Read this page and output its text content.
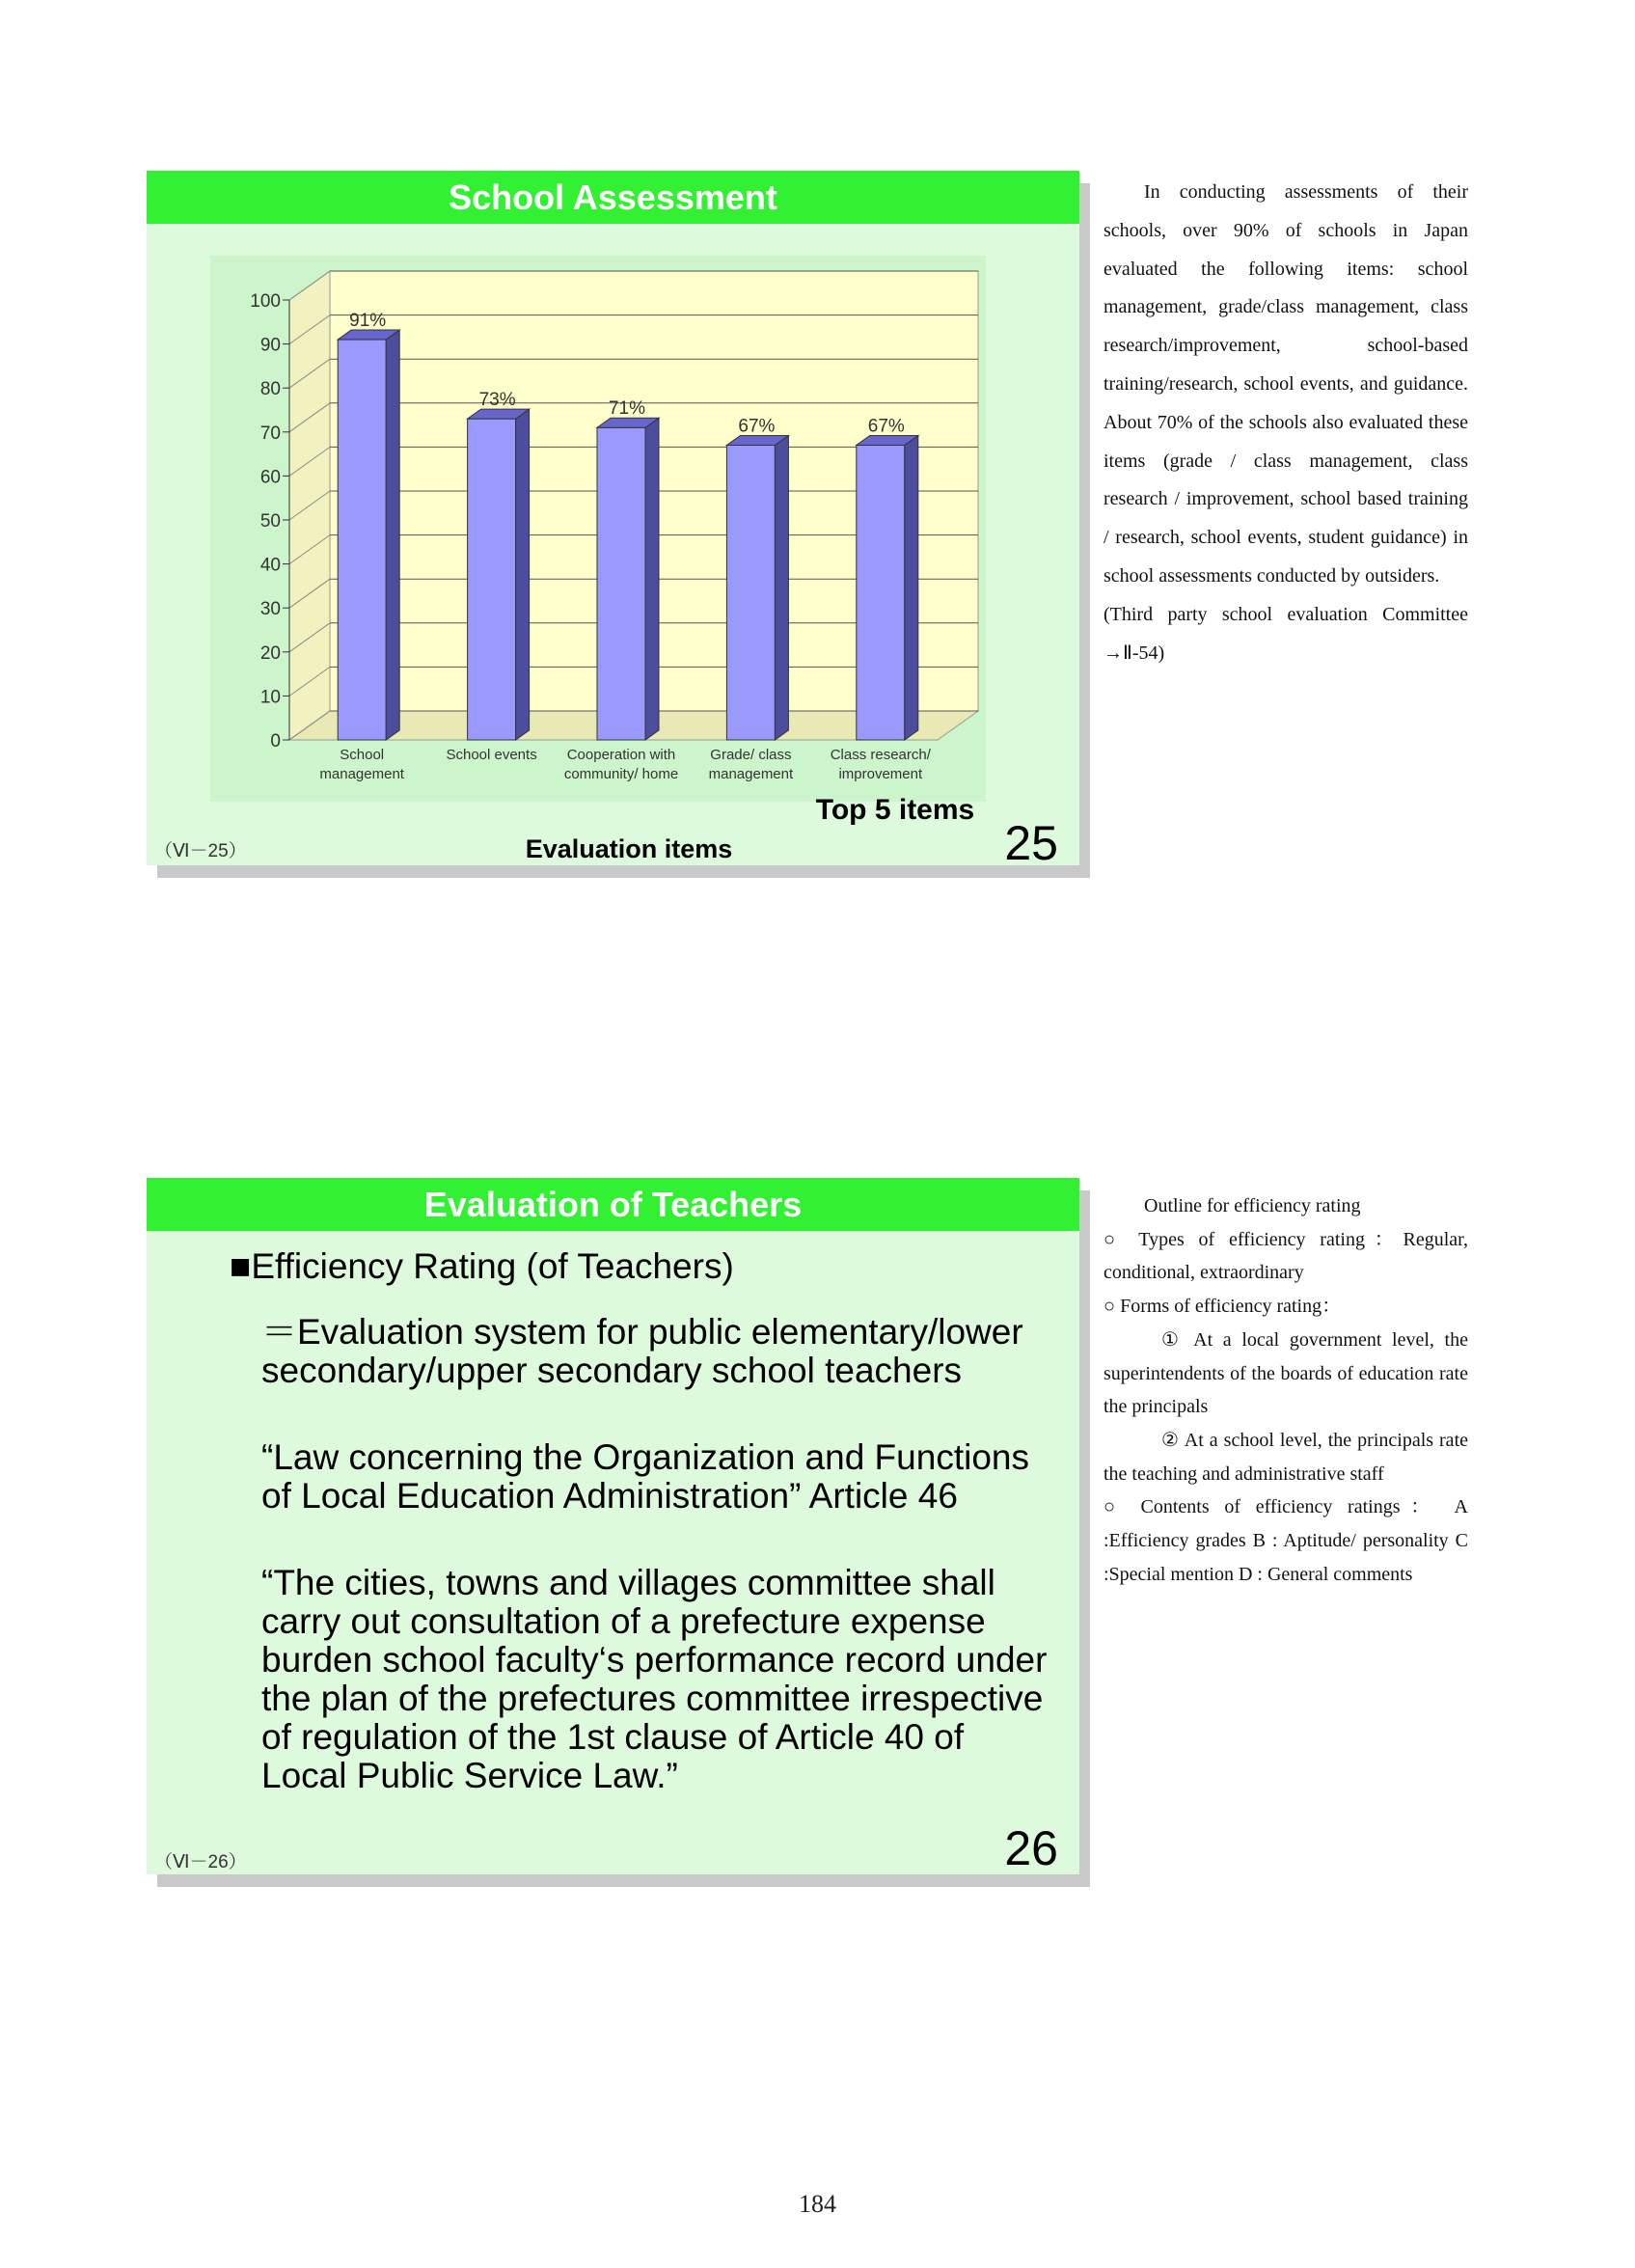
School Assessment
0
10
20
30
40
50
60
70
80
90
100
91%
School
management
73%
School events
71%
Cooperation with
community/ home
67%
Grade/ class
management
67%
Class research/
improvement
Top 5 items
Evaluation items
（Ⅵ－25）	25

In conducting assessments of their schools, over 90% of schools in Japan evaluated the following items: school management, grade/class management, class research/improvement, school-based training/research, school events, and guidance. About 70% of the schools also evaluated these items (grade / class management, class research / improvement, school based training / research, school events, student guidance) in school assessments conducted by outsiders.

(Third party school evaluation Committee →Ⅱ-54)

Evaluation of Teachers
■Efficiency Rating (of Teachers)
＝Evaluation system for public elementary/lower secondary/upper secondary school teachers
“Law concerning the Organization and Functions of Local Education Administration” Article 46
“The cities, towns and villages committee shall carry out consultation of a prefecture expense burden school faculty‘s performance record under the plan of the prefectures committee irrespective of regulation of the 1st clause of Article 40 of Local Public Service Law.”
（Ⅵ－26）	26

Outline for efficiency rating

○ Types of efficiency rating：Regular, conditional, extraordinary

○ Forms of efficiency rating：

① At a local government level, the superintendents of the boards of education rate the principals

② At a school level, the principals rate the teaching and administrative staff

○ Contents of efficiency ratings： A :Efficiency grades B : Aptitude/ personality C :Special mention D : General comments

184
